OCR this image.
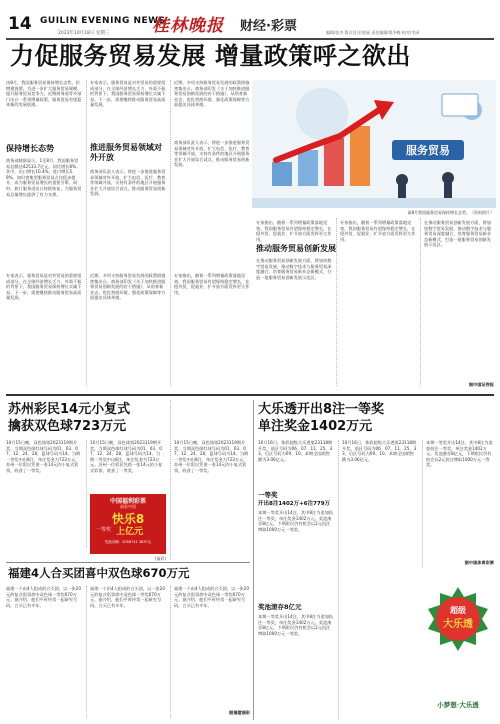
14 GUILIN EVENING NEWS
2023年10月18日 星期三	桂林晚报 财经·彩票	编辑/张杰 版式设计/莫丽 责任编辑/莫冬梅 校对/韦泽
力促服务贸易发展 增量政策呼之欲出
由8月，我国服务贸易保持增长态势，但增速放缓。为进一步扩大服务贸易规模，提升服务贸易竞争力，近期商务部等多部门出台一系列增量政策，服务贸易有望迎来新的发展机遇。
保持增长态势
商务部数据显示，1至8月，我国服务贸易总额达42533.7亿元，同比增长8%。其中，出口增长10.4%，进口增长5.9%。知识密集型服务贸易占比稳步提升，成为服务贸易增长的重要引擎。同时，旅行服务进出口持续恢复，为服务贸易总量增长提供了有力支撑。
专家表示，服务贸易是对外贸易的重要组成部分，在全球经济增长乏力、外需不振的背景下，我国服务贸易保持增长实属不易。下一步，需要继续推动服务贸易高质量发展。
专家表示，服务贸易是对外贸易的重要组成部分，在全球经济增长乏力、外需不振的背景下，我国服务贸易保持增长实属不易。下一步，需要继续推动服务贸易高质量发展。
推进服务贸易领域对外开放
商务部负责人表示，将进一步推进服务贸易领域对外开放，扩大电信、医疗、教育等领域开放，支持有条件的地区开展服务业扩大开放综合试点，推动服务贸易创新发展。
近期，多项支持服务贸易发展的政策措施密集出台。商务部印发《关于加快推进服务贸易创新发展的若干措施》，从培育新业态、优化营商环境、强化政策保障等方面提出具体举措。
近期，多项支持服务贸易发展的政策措施密集出台。商务部印发《关于加快推进服务贸易创新发展的若干措施》，从培育新业态、优化营商环境、强化政策保障等方面提出具体举措。
商务部负责人表示，将进一步推进服务贸易领域对外开放，扩大电信、医疗、教育等领域开放，支持有条件的地区开展服务业扩大开放综合试点，推动服务贸易创新发展。
专家指出，随着一系列增量政策落地见效，我国服务贸易有望保持稳定增长，在稳外贸、促就业、扩开放方面发挥更大作用。
服务贸易
前8月我国服务贸易保持增长态势。（资料图片）
专家指出，随着一系列增量政策落地见效，我国服务贸易有望保持稳定增长，在稳外贸、促就业、扩开放方面发挥更大作用。
推动服务贸易创新发展
在推动服务贸易创新发展方面，将加快数字贸易发展，推动数字技术与服务贸易深度融合，培育服务贸易新业态新模式，打造一批服务贸易创新发展示范区。
专家指出，随着一系列增量政策落地见效，我国服务贸易有望保持稳定增长，在稳外贸、促就业、扩开放方面发挥更大作用。
在推动服务贸易创新发展方面，将加快数字贸易发展，推动数字技术与服务贸易深度融合，培育服务贸易新业态新模式，打造一批服务贸易创新发展示范区。
据中国证券报
苏州彩民14元小复式
擒获双色球723万元
10月15日晚，双色球第2023119期开奖，当期双色球红球号码为01、03、07、12、24、28，蓝球号码为14。当期一等奖中出8注，单注奖金为723万元。苏州一位彩民凭借一张14元的小复式彩票，收获了一等奖。
10月15日晚，双色球第2023119期开奖，当期双色球红球号码为01、03、07、12、24、28，蓝球号码为14。当期一等奖中出8注，单注奖金为723万元。苏州一位彩民凭借一张14元的小复式彩票，收获了一等奖。
中国福利彩票
福彩中国
快乐8
一等奖 上亿元
奖池余额：2058741 3837元
(福彩)
10月15日晚，双色球第2023119期开奖，当期双色球红球号码为01、03、07、12、24、28，蓝球号码为14。当期一等奖中出8注，单注奖金为723万元。苏州一位彩民凭借一张14元的小复式彩票，收获了一等奖。
福建4人合买团喜中双色球670万元
福建一个由4人组成的合买团，以一张20元的复式彩票命中双色球一等奖670万元。据介绍，他们平时经常一起研究号码，合买已有多年。
福建一个由4人组成的合买团，以一张20元的复式彩票命中双色球一等奖670万元。据介绍，他们平时经常一起研究号码，合买已有多年。
福建一个由4人组成的合买团，以一张20元的复式彩票命中双色球一等奖670万元。据介绍，他们平时经常一起研究号码，合买已有多年。
据福建福彩
大乐透开出8注一等奖
单注奖金1402万元
10月16日，体彩超级大乐透第23118期开奖，前区号码为06、07、11、25、33，后区号码为09、10。本期全国销售额为3.06亿元。
一等奖
开出8注1402万+6注779万
本期一等奖开出14注，其中8注为追加投注一等奖，单注奖金1402万元。奖池滚存8亿元，下期彩民仍有机会以2元投注博取1000万元一等奖。
奖池滚存8亿元
本期一等奖开出14注，其中8注为追加投注一等奖，单注奖金1402万元。奖池滚存8亿元，下期彩民仍有机会以2元投注博取1000万元一等奖。
10月16日，体彩超级大乐透第23118期开奖，前区号码为06、07、11、25、33，后区号码为09、10。本期全国销售额为3.06亿元。
本期一等奖开出14注，其中8注为追加投注一等奖，单注奖金1402万元。奖池滚存8亿元，下期彩民仍有机会以2元投注博取1000万元一等奖。
据中国体育彩票
超级
大乐透
小梦想·大乐透
